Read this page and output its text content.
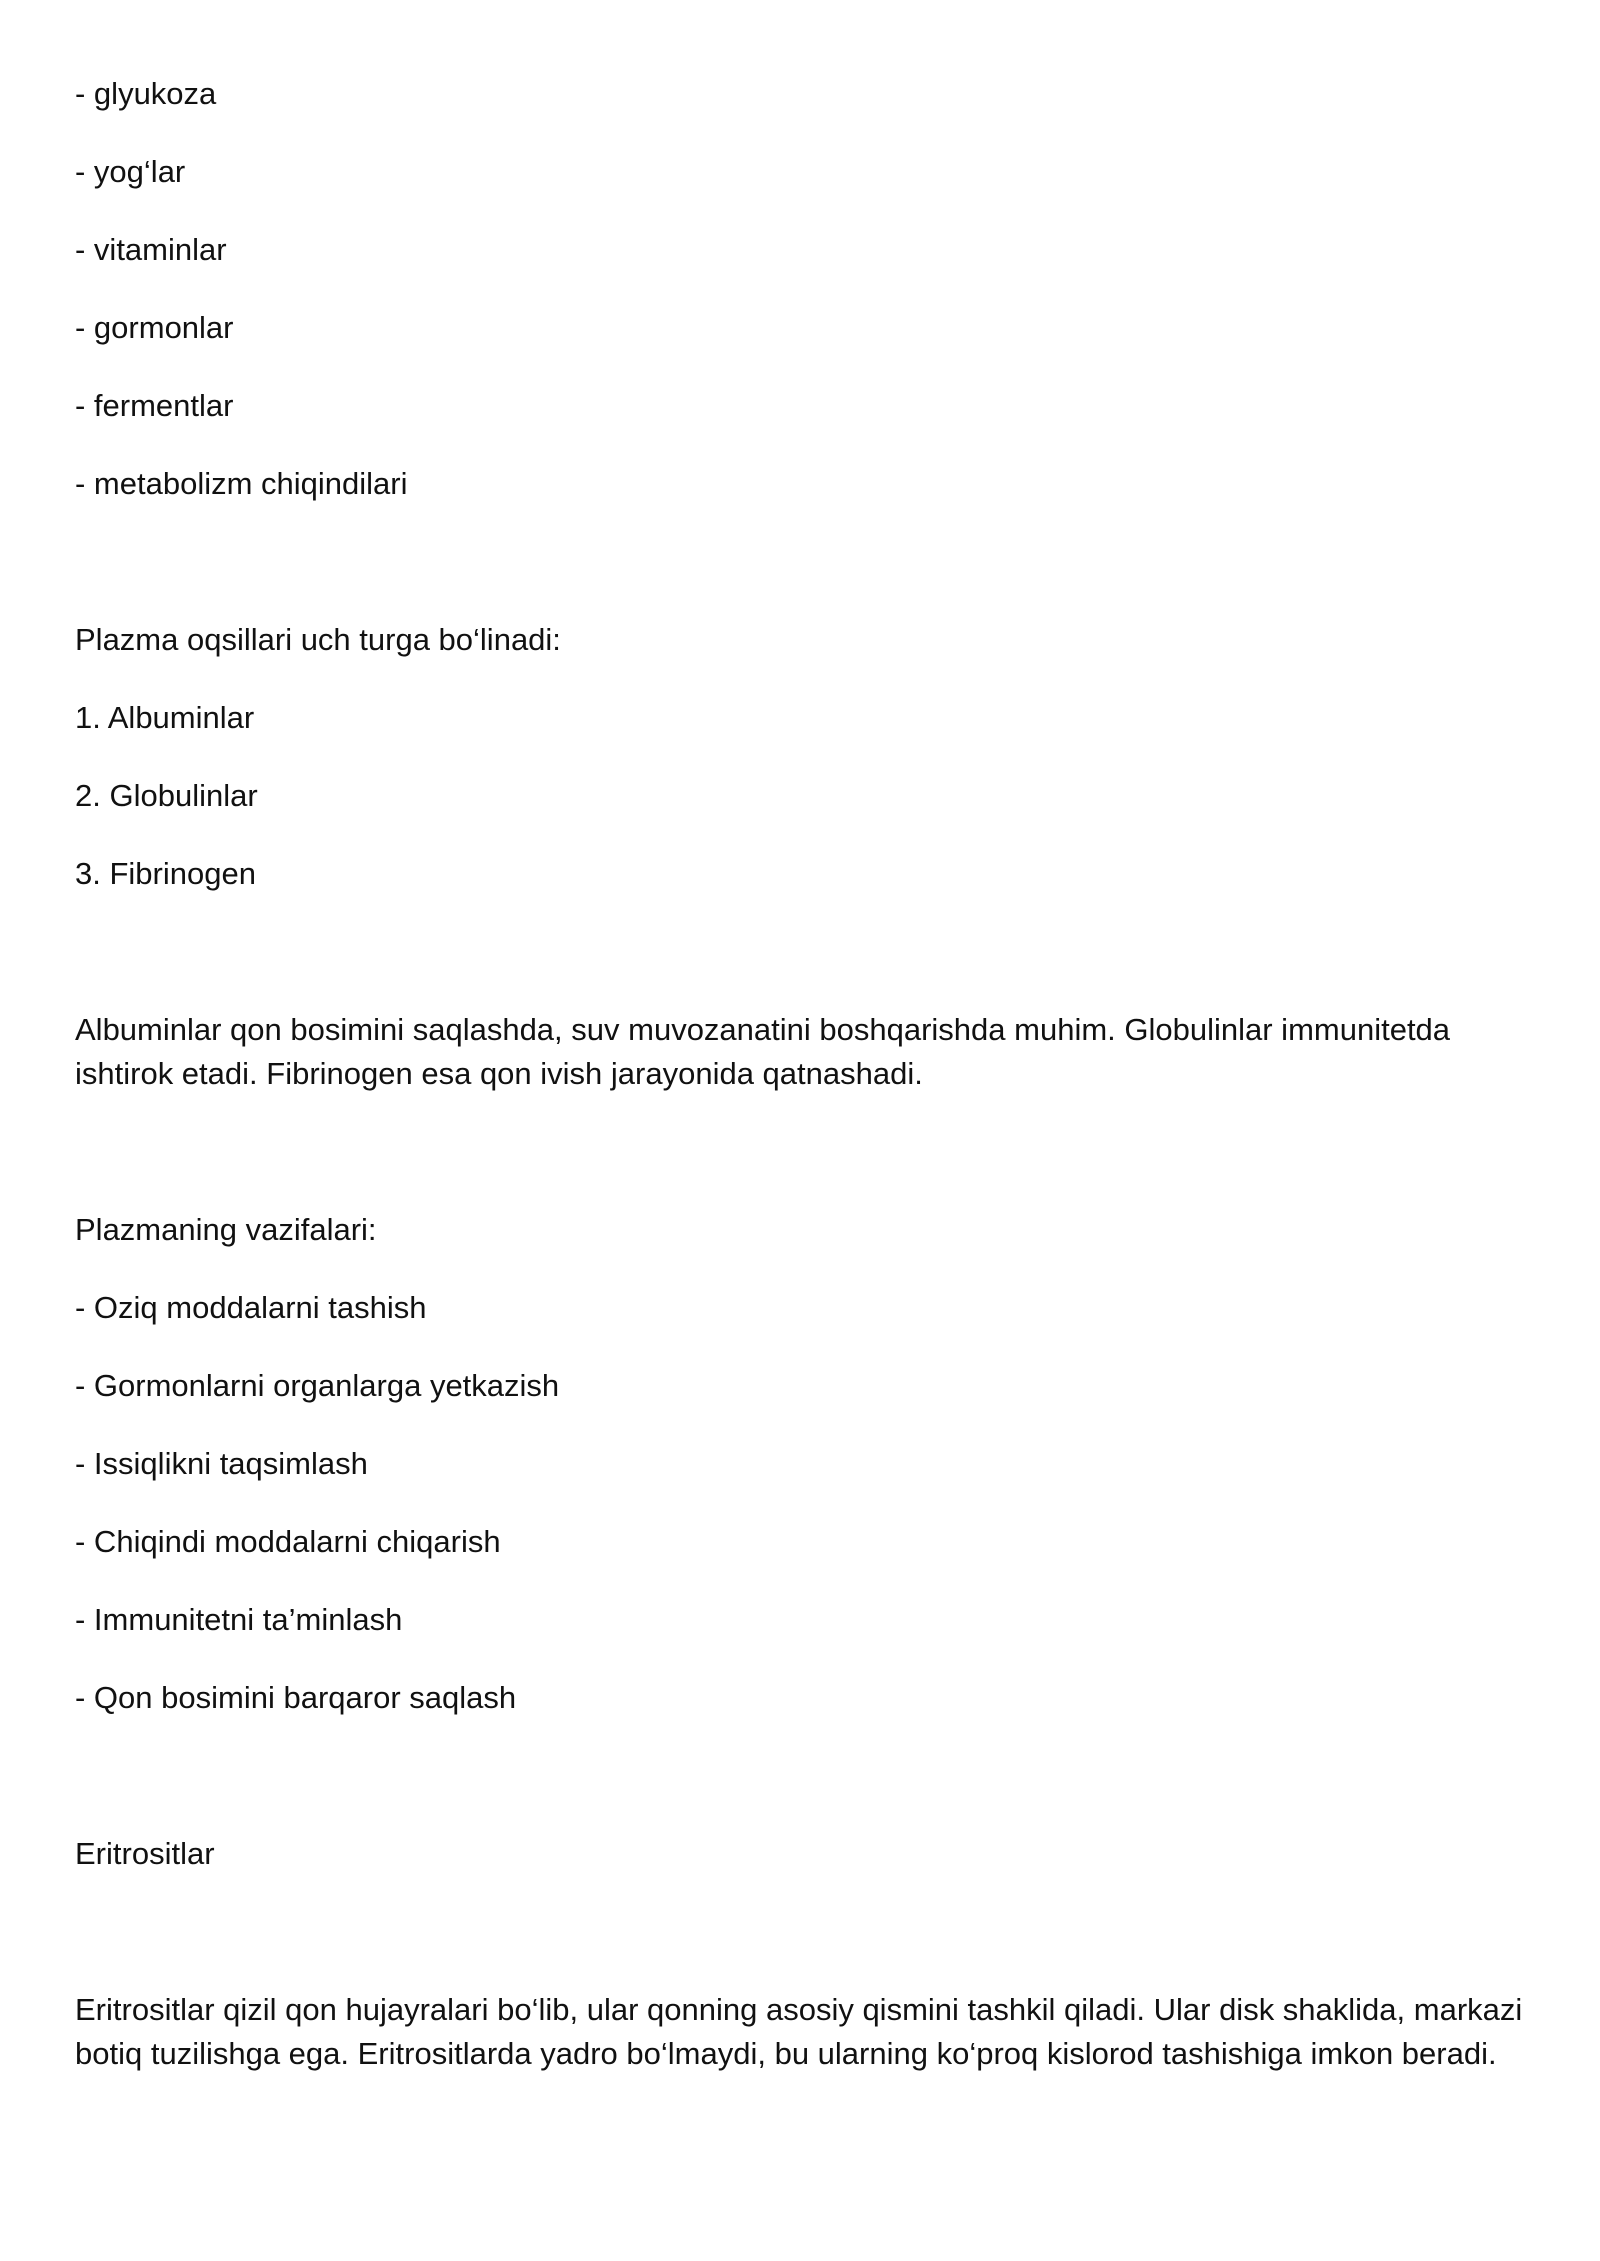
- glyukoza
- yog‘lar
- vitaminlar
- gormonlar
- fermentlar
- metabolizm chiqindilari
Plazma oqsillari uch turga bo‘linadi:
1. Albuminlar
2. Globulinlar
3. Fibrinogen
Albuminlar qon bosimini saqlashda, suv muvozanatini boshqarishda muhim. Globulinlar immunitetda ishtirok etadi. Fibrinogen esa qon ivish jarayonida qatnashadi.
Plazmaning vazifalari:
- Oziq moddalarni tashish
- Gormonlarni organlarga yetkazish
- Issiqlikni taqsimlash
- Chiqindi moddalarni chiqarish
- Immunitetni ta’minlash
- Qon bosimini barqaror saqlash
Eritrositlar
Eritrositlar qizil qon hujayralari bo‘lib, ular qonning asosiy qismini tashkil qiladi. Ular disk shaklida, markazi botiq tuzilishga ega. Eritrositlarda yadro bo‘lmaydi, bu ularning ko‘proq kislorod tashishiga imkon beradi.
